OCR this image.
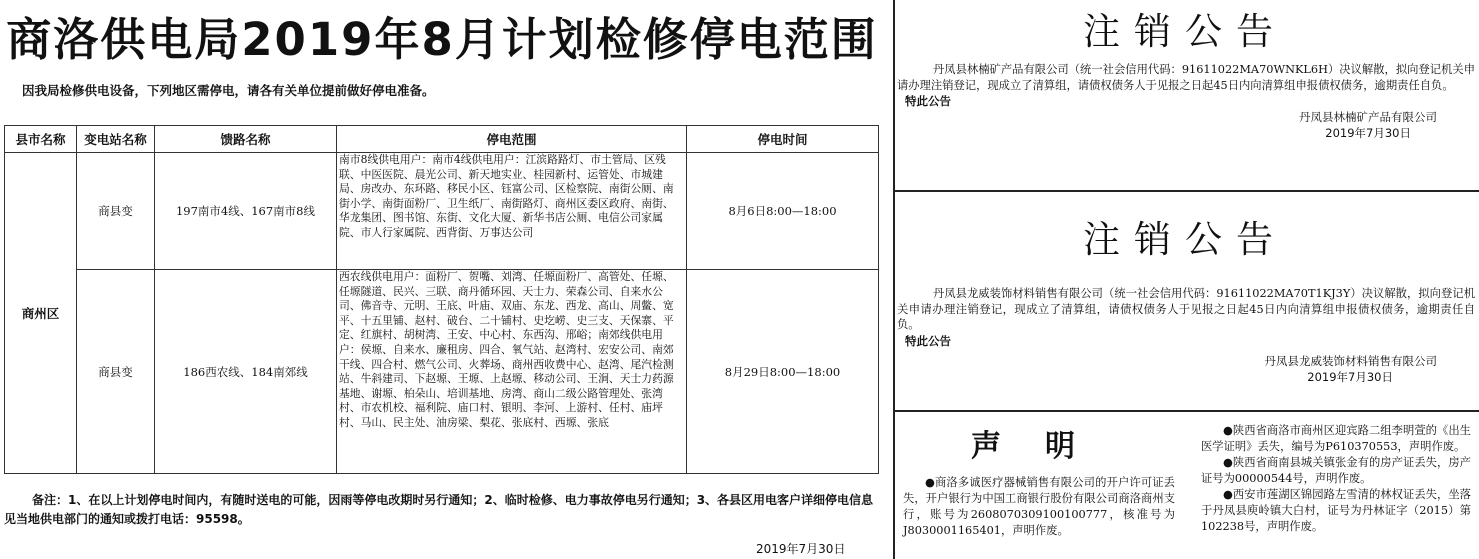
商洛供电局2019年8月计划检修停电范围
因我局检修供电设备，下列地区需停电，请各有关单位提前做好停电准备。
县市名称	变电站名称	馈路名称	停电范围	停电时间
商州区	商县变	197南市4线、167南市8线	南市8线供电用户：南市4线供电用户：江滨路路灯、市土管局、区残联、中医医院、晨光公司、新天地实业、桂园新村、运管处、市城建局、房改办、东环路、移民小区、钰富公司、区检察院、南街公厕、南街小学、南街面粉厂、卫生纸厂、南街路灯、商州区委区政府、南街、华龙集团、图书馆、东街、文化大厦、新华书店公厕、电信公司家属院、市人行家属院、西背街、万事达公司	8月6日8:00—18:00
	商县变	186西农线、184南郊线	西农线供电用户：面粉厂、贺嘴、刘湾、任塬面粉厂、高管处、任塬、任塬隧道、民兴、三联、商丹循环园、天士力、荣森公司、自来水公司、佛音寺、元明、王底、叶庙、双庙、东龙、西龙、高山、周鳖、宽平、十五里铺、赵村、破台、二十铺村、史圪崂、史三支、天保寨、平定、红旗村、胡树湾、王安、中心村、东西沟、邢峪；南郊线供电用户：侯塬、自来水、廉租房、四合、氧气站、赵湾村、宏安公司、南郊干线、四合村、燃气公司、火葬场、商州西收费中心、赵湾、尾汽检测站、牛斜建司、下赵塬、王塬、上赵塬、移动公司、王涧、天士力药源基地、谢塬、柏朵山、培训基地、房湾、商山二级公路管理处、张湾村、市农机校、福利院、庙口村、银明、李河、上游村、任村、庙坪村、马山、民主处、油房梁、梨花、张底村、西塬、张底	8月29日8:00—18:00
备注：1、在以上计划停电时间内，有随时送电的可能，因雨等停电改期时另行通知；2、临时检修、电力事故停电另行通知；3、各县区用电客户详细停电信息见当地供电部门的通知或拨打电话：95598。
2019年7月30日
注销公告

丹凤县林楠矿产品有限公司（统一社会信用代码：91611022MA70WNKL6H）决议解散，拟向登记机关申请办理注销登记，现成立了清算组，请债权债务人于见报之日起45日内向清算组申报债权债务，逾期责任自负。

特此公告
丹凤县林楠矿产品有限公司
2019年7月30日
注销公告

丹凤县龙威装饰材料销售有限公司（统一社会信用代码：91611022MA70T1KJ3Y）决议解散，拟向登记机关申请办理注销登记，现成立了清算组，请债权债务人于见报之日起45日内向清算组申报债权债务，逾期责任自负。

特此公告
丹凤县龙威装饰材料销售有限公司
2019年7月30日
声明

●商洛多诚医疗器械销售有限公司的开户许可证丢失，开户银行为中国工商银行股份有限公司商洛商州支行，账号为2608070309100100777，核准号为J8030001165401，声明作废。

●陕西省商洛市商州区迎宾路二组李明萱的《出生医学证明》丢失，编号为P610370553，声明作废。

●陕西省商南县城关镇张金有的房产证丢失，房产证号为00000544号，声明作废。

●西安市莲湖区锦园路左雪清的林权证丢失，坐落于丹凤县庾岭镇大白村，证号为丹林证字（2015）第102238号，声明作废。
